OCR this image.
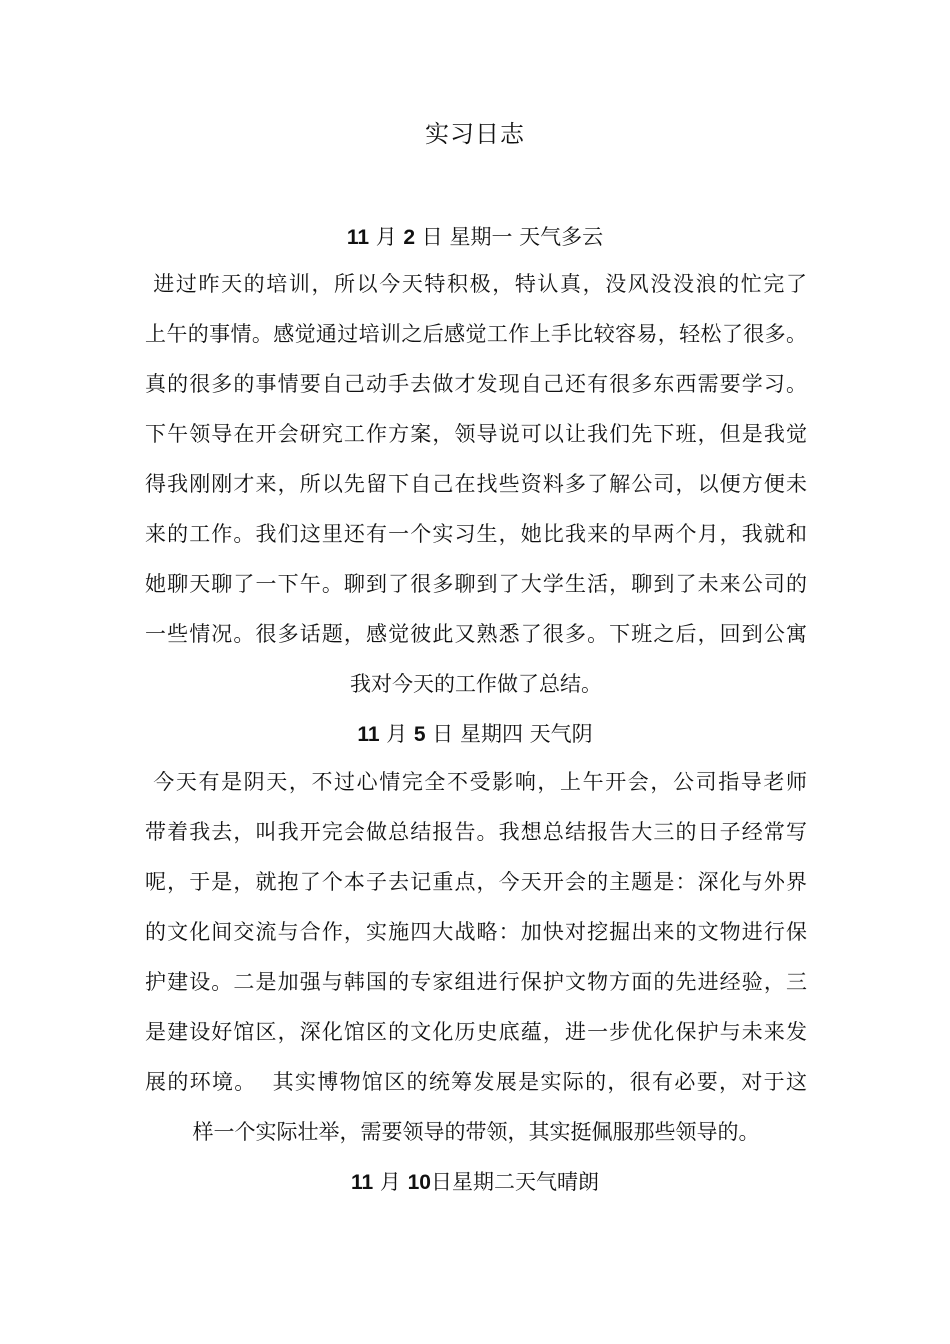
实习日志
11 月 2 日 星期一 天气多云
进过昨天的培训，所以今天特积极，特认真，没风没没浪的忙完了
上午的事情。感觉通过培训之后感觉工作上手比较容易，轻松了很多。
真的很多的事情要自己动手去做才发现自己还有很多东西需要学习。
下午领导在开会研究工作方案，领导说可以让我们先下班，但是我觉
得我刚刚才来，所以先留下自己在找些资料多了解公司，以便方便未
来的工作。我们这里还有一个实习生，她比我来的早两个月，我就和
她聊天聊了一下午。聊到了很多聊到了大学生活，聊到了未来公司的
一些情况。很多话题，感觉彼此又熟悉了很多。下班之后，回到公寓
我对今天的工作做了总结。
11 月 5 日 星期四 天气阴
今天有是阴天，不过心情完全不受影响，上午开会，公司指导老师
带着我去，叫我开完会做总结报告。我想总结报告大三的日子经常写
呢，于是，就抱了个本子去记重点，今天开会的主题是：深化与外界
的文化间交流与合作，实施四大战略：加快对挖掘出来的文物进行保
护建设。二是加强与韩国的专家组进行保护文物方面的先进经验，三
是建设好馆区，深化馆区的文化历史底蕴，进一步优化保护与未来发
展的环境。  其实博物馆区的统筹发展是实际的，很有必要，对于这
样一个实际壮举，需要领导的带领，其实挺佩服那些领导的。
11 月 10日星期二天气晴朗
